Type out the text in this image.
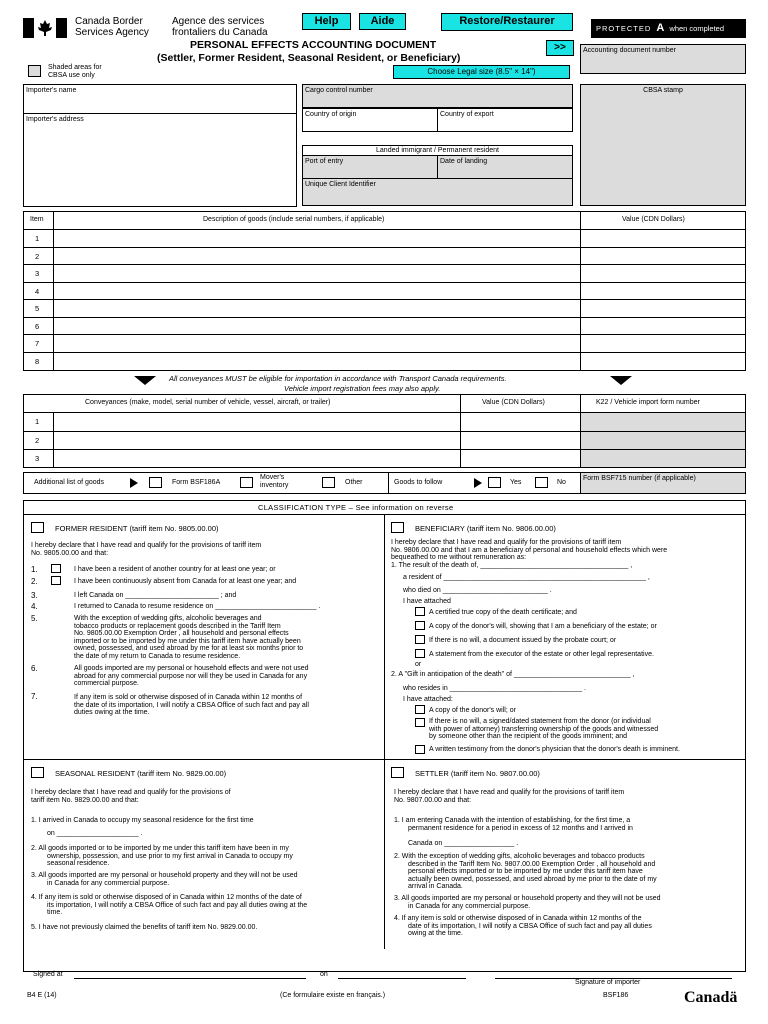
Canada Border
Services Agency
Agence des services
frontaliers du Canada
Help	Aide	Restore/Restaurer
PROTECTED A when completed
PERSONAL EFFECTS ACCOUNTING DOCUMENT
(Settler, Former Resident, Seasonal Resident, or Beneficiary)
>>
Choose Legal size (8.5" × 14")
Accounting document number
Shaded areas for
CBSA use only
Importer's name
Importer's address
Cargo control number
Country of origin	Country of export
Landed immigrant / Permanent resident
Port of entry	Date of landing
Unique Client Identifier
CBSA stamp
Item	Description of goods (include serial numbers, if applicable)	Value (CDN Dollars)
1
2
3
4
5
6
7
8
All conveyances MUST be eligible for importation in accordance with Transport Canada requirements.
Vehicle import registration fees may also apply.
Conveyances (make, model, serial number of vehicle, vessel, aircraft, or trailer)	Value (CDN Dollars)	K22 / Vehicle import form number
1
2
3
Form BSF715 number (if applicable)
Additional list of goods	Form BSF186A
Mover's
inventory	Other	Goods to follow	Yes	No
CLASSIFICATION TYPE – See information on reverse
FORMER RESIDENT (tariff item No. 9805.00.00)
I hereby declare that I have read and qualify for the provisions of tariff item
No. 9805.00.00 and that:
1.	I have been a resident of another country for at least one year; or
2.	I have been continuously absent from Canada for at least one year; and
3.	I left Canada on ________________________ ; and
4.	I returned to Canada to resume residence on __________________________ .
5.	With the exception of wedding gifts, alcoholic beverages and
tobacco products or replacement goods described in the Tariff Item
No. 9805.00.00 Exemption Order , all household and personal effects
imported or to be imported by me under this tariff item have actually been
owned, possessed, and used abroad by me for at least six months prior to
the date of my return to Canada to resume residence.
6.	All goods imported are my personal or household effects and were not used
abroad for any commercial purpose nor will they be used in Canada for any
commercial purpose.
7.	If any item is sold or otherwise disposed of in Canada within 12 months of
the date of its importation, I will notify a CBSA Office of such fact and pay all
duties owing at the time.
BENEFICIARY (tariff item No. 9806.00.00)
I hereby declare that I have read and qualify for the provisions of tariff item
No. 9806.00.00 and that I am a beneficiary of personal and household effects which were
bequeathed to me without remuneration as:
1. The result of the death of, ______________________________________ ,
a resident of ____________________________________________________ ,
who died on ___________________________ .
I have attached
A certified true copy of the death certificate; and
A copy of the donor's will, showing that I am a beneficiary of the estate; or
If there is no will, a document issued by the probate court; or
A statement from the executor of the estate or other legal representative.
or
2. A "Gift in anticipation of the death" of ______________________________ ,
who resides in __________________________________ .
I have attached:
A copy of the donor's will; or
If there is no will, a signed/dated statement from the donor (or individual
with power of attorney) transferring ownership of the goods and witnessed
by someone other than the recipient of the goods imminent; and
A written testimony from the donor's physician that the donor's death is imminent.
SEASONAL RESIDENT (tariff item No. 9829.00.00)
I hereby declare that I have read and qualify for the provisions of
tariff item No. 9829.00.00 and that:
1. I arrived in Canada to occupy my seasonal residence for the first time
on _____________________ .
2. All goods imported or to be imported by me under this tariff item have been in my
ownership, possession, and use prior to my first arrival in Canada to occupy my
seasonal residence.
3. All goods imported are my personal or household property and they will not be used
in Canada for any commercial purpose.
4. If any item is sold or otherwise disposed of in Canada within 12 months of the date of
its importation, I will notify a CBSA Office of such fact and pay all duties owing at the
time.
5. I have not previously claimed the benefits of tariff item No. 9829.00.00.
SETTLER (tariff item No. 9807.00.00)
I hereby declare that I have read and qualify for the provisions of tariff item
No. 9807.00.00 and that:
1. I am entering Canada with the intention of establishing, for the first time, a
permanent residence for a period in excess of 12 months and I arrived in
Canada on __________________ .
2. With the exception of wedding gifts, alcoholic beverages and tobacco products
described in the Tariff Item No. 9807.00.00 Exemption Order , all household and
personal effects imported or to be imported by me under this tariff item have
actually been owned, possessed, and used abroad by me prior to the date of my
arrival in Canada.
3. All goods imported are my personal or household property and they will not be used
in Canada for any commercial purpose.
4. If any item is sold or otherwise disposed of in Canada within 12 months of the
date of its importation, I will notify a CBSA Office of such fact and pay all duties
owing at the time.
Signed at	on
Signature of importer
B4 E (14)	(Ce formulaire existe en français.)	BSF186	Canadä
